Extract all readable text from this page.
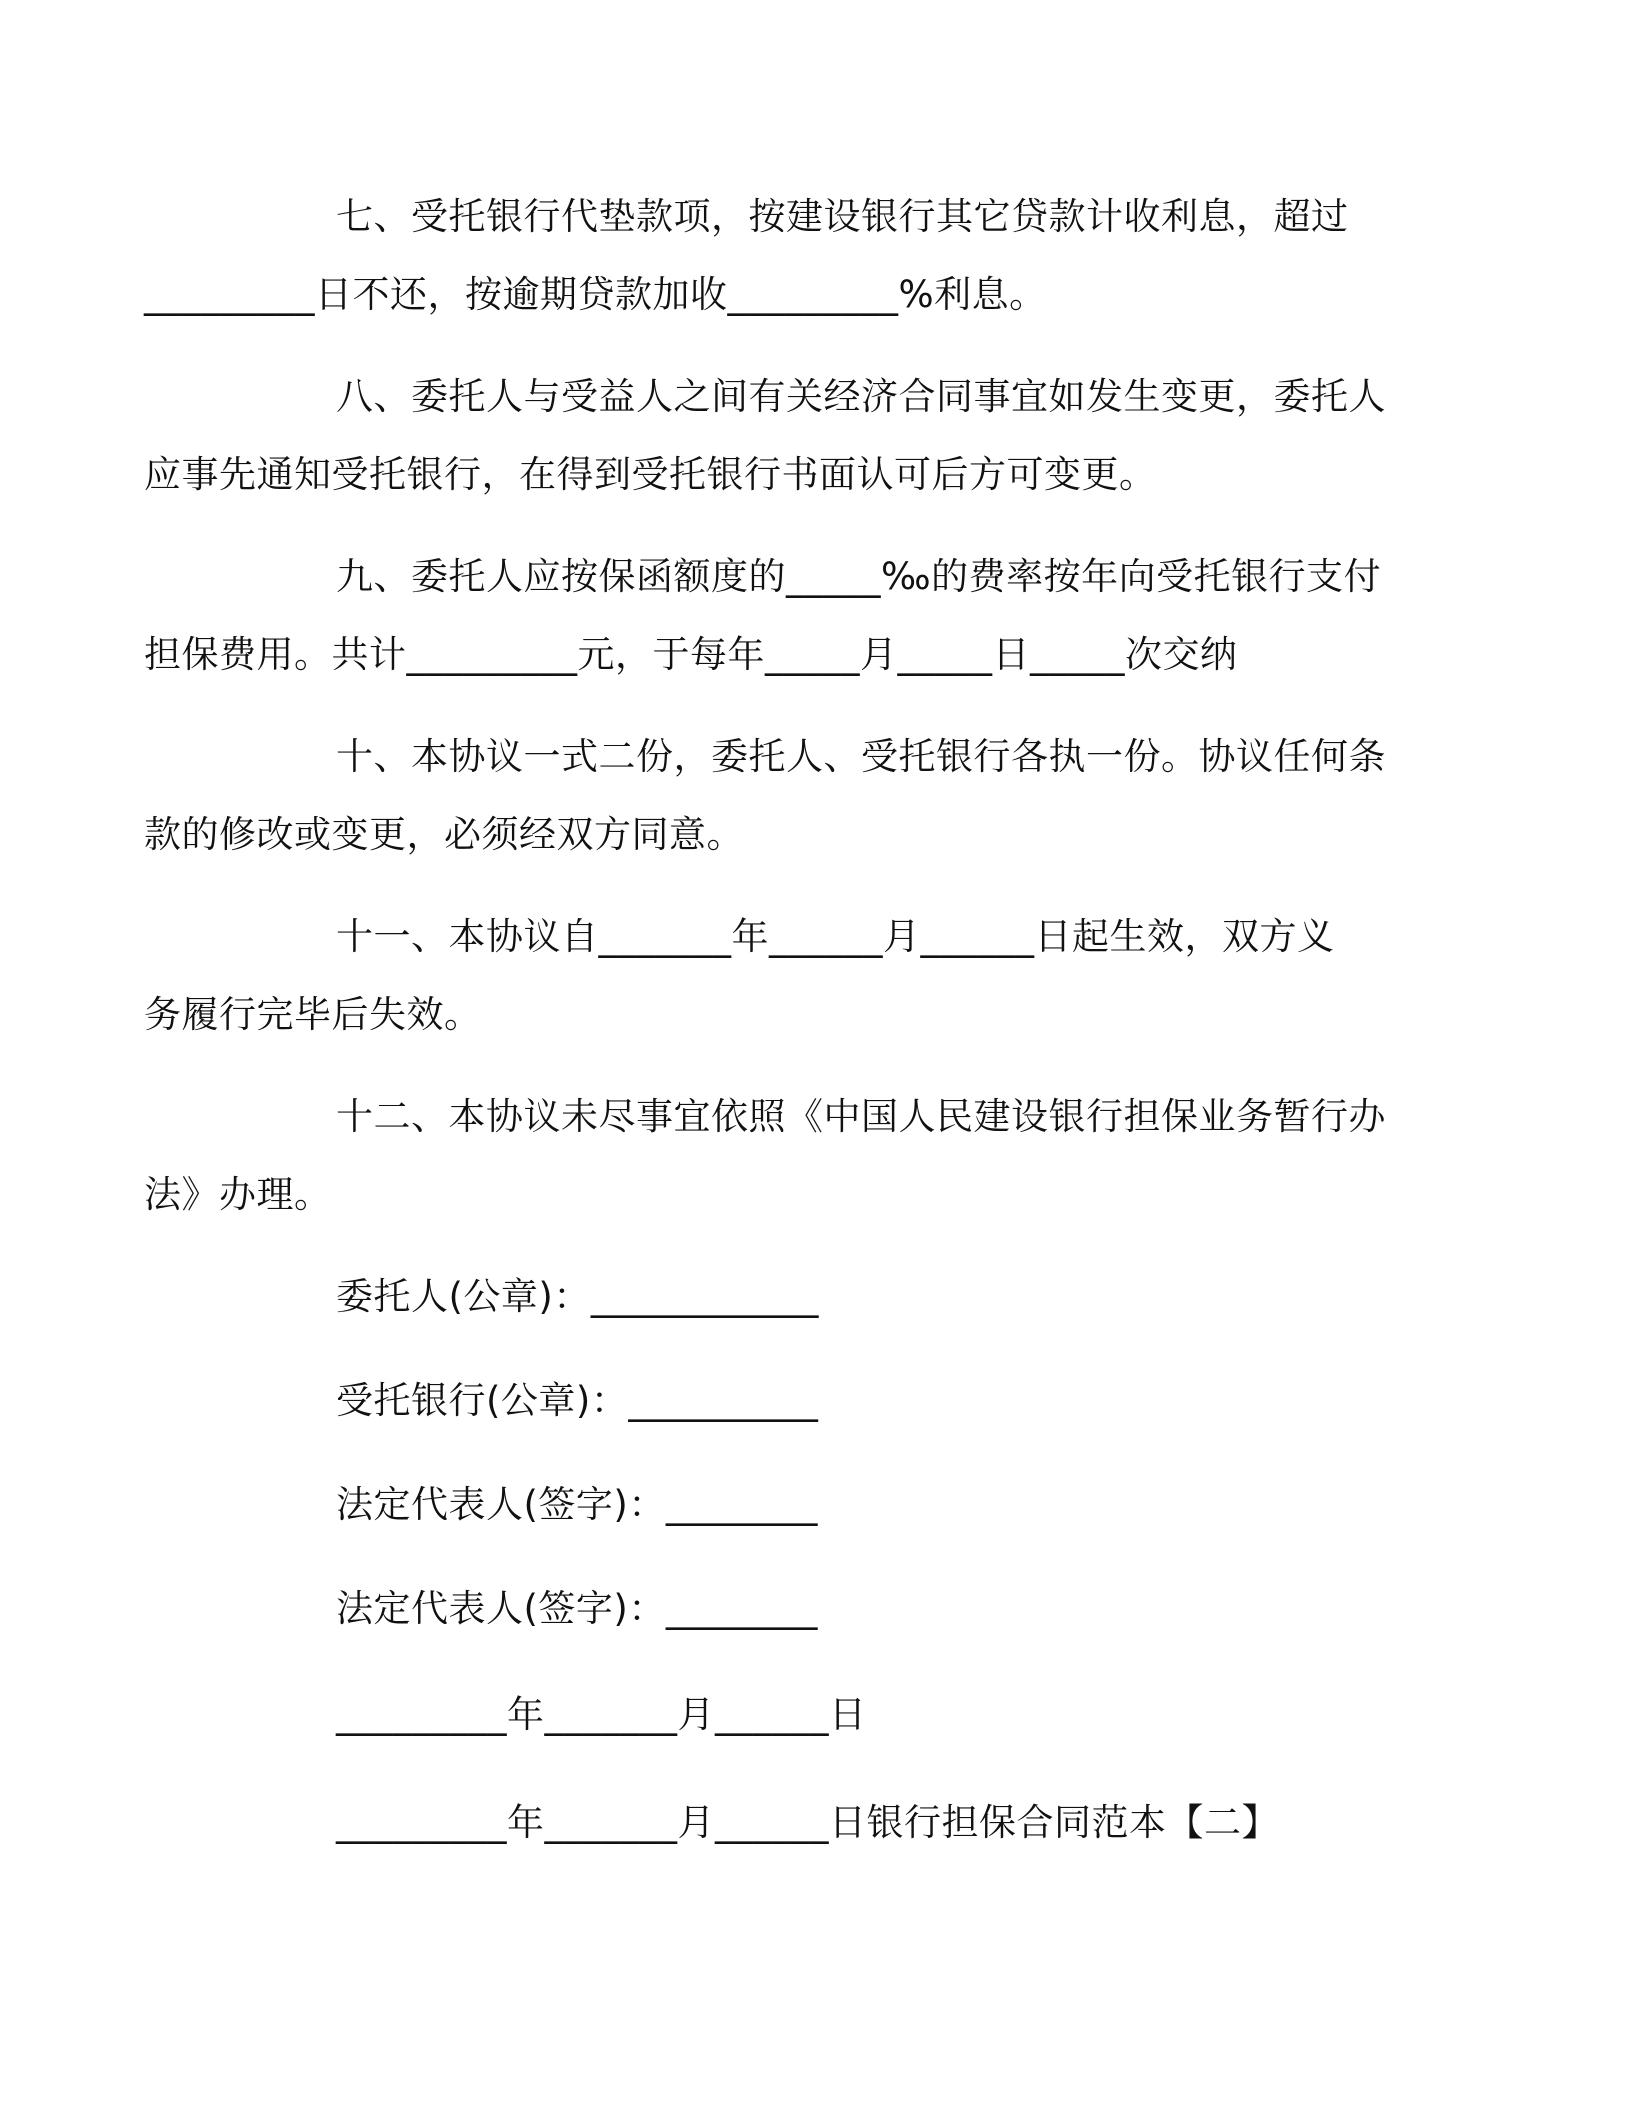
七、受托银行代垫款项，按建设银行其它贷款计收利息，超过
_________日不还，按逾期贷款加收_________%利息。

八、委托人与受益人之间有关经济合同事宜如发生变更，委托人
应事先通知受托银行，在得到受托银行书面认可后方可变更。

九、委托人应按保函额度的_____‰的费率按年向受托银行支付
担保费用。共计_________元，于每年_____月_____日_____次交纳

十、本协议一式二份，委托人、受托银行各执一份。协议任何条
款的修改或变更，必须经双方同意。

十一、本协议自_______年______月______日起生效，双方义
务履行完毕后失效。

十二、本协议未尽事宜依照《中国人民建设银行担保业务暂行办
法》办理。

委托人(公章)：____________

受托银行(公章)：__________

法定代表人(签字)：________

法定代表人(签字)：________

_________年_______月______日

_________年_______月______日银行担保合同范本【二】
